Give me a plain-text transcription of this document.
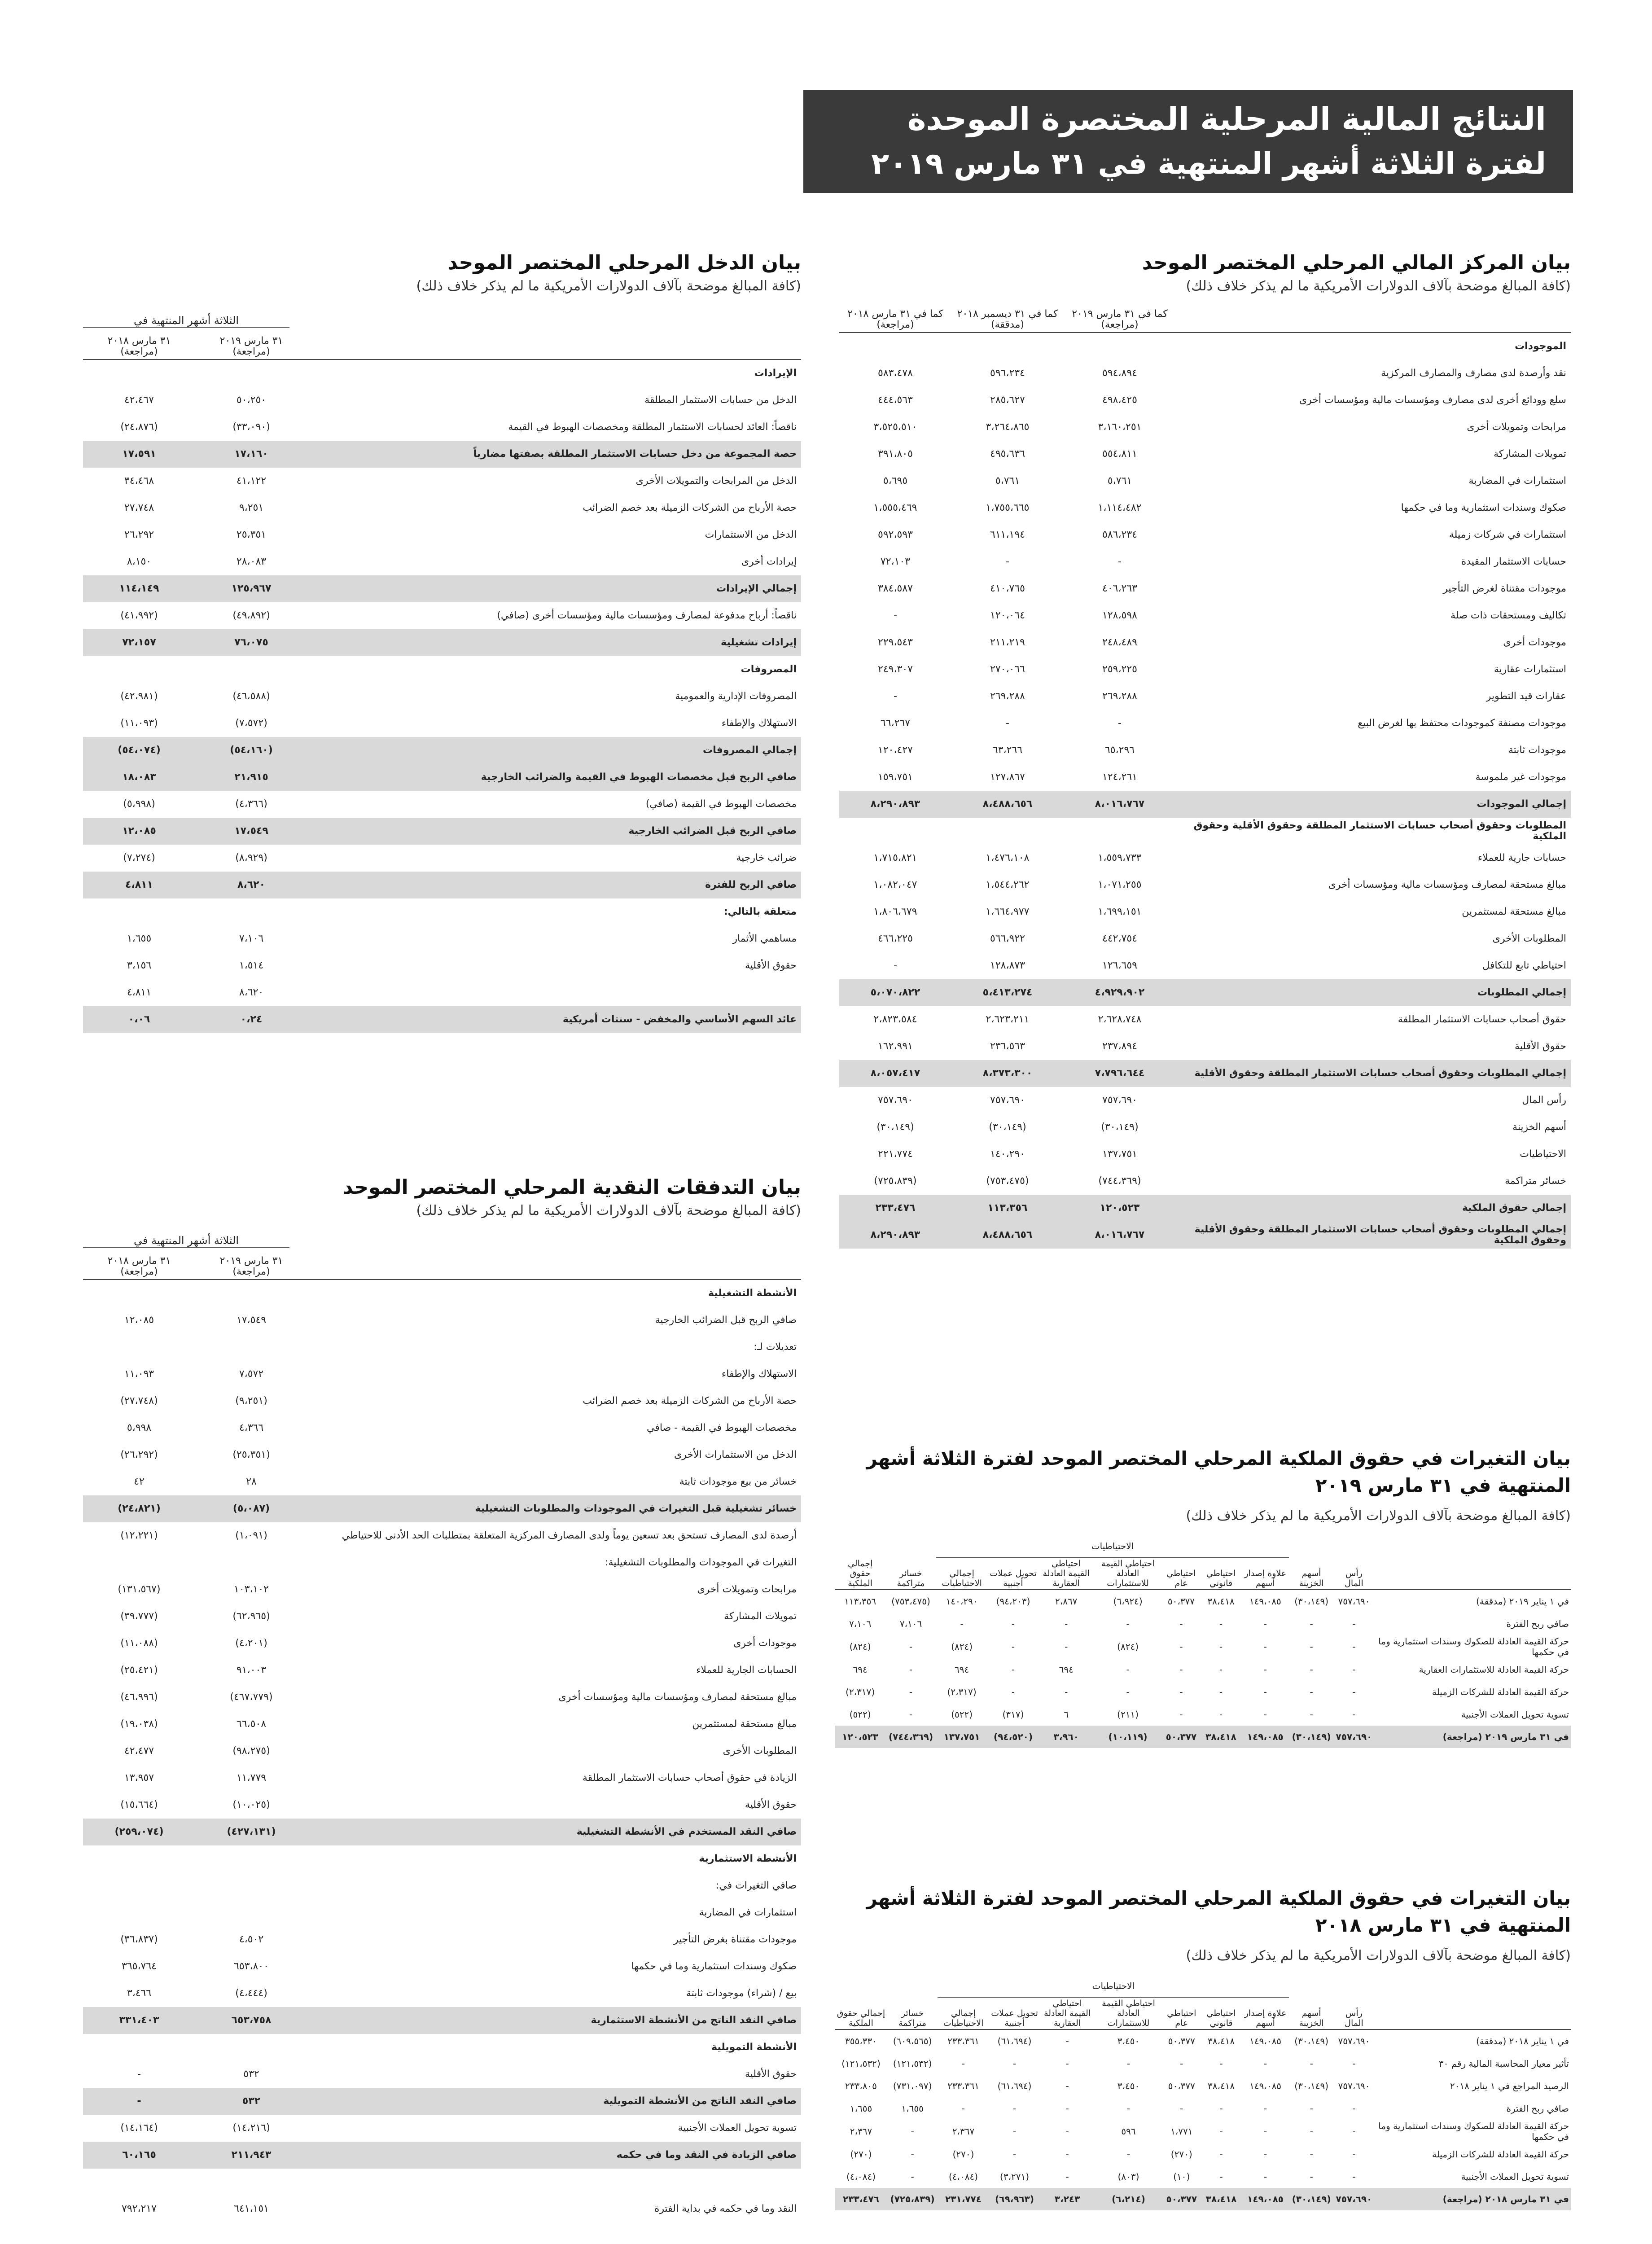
النتائج المالية المرحلية المختصرة الموحدة
لفترة الثلاثة أشهر المنتهية في ٣١ مارس ٢٠١٩
بيان المركز المالي المرحلي المختصر الموحد
(كافة المبالغ موضحة بآلاف الدولارات الأمريكية ما لم يذكر خلاف ذلك)
	كما في ٣١ مارس ٢٠١٩ (مراجعة)	كما في ٣١ ديسمبر ٢٠١٨ (مدققة)	كما في ٣١ مارس ٢٠١٨ (مراجعة)
الموجودات			
نقد وأرصدة لدى مصارف والمصارف المركزية	٥٩٤،٨٩٤	٥٩٦،٢٣٤	٥٨٣،٤٧٨
سلع وودائع أخرى لدى مصارف ومؤسسات مالية ومؤسسات أخرى	٤٩٨،٤٢٥	٢٨٥،٦٢٧	٤٤٤،٥٦٣
مرابحات وتمويلات أخرى	٣،١٦٠،٢٥١	٣،٢٦٤،٨٦٥	٣،٥٢٥،٥١٠
تمويلات المشاركة	٥٥٤،٨١١	٤٩٥،٦٣٦	٣٩١،٨٠٥
استثمارات في المضاربة	٥،٧٦١	٥،٧٦١	٥،٦٩٥
صكوك وسندات استثمارية وما في حكمها	١،١١٤،٤٨٢	١،٧٥٥،٦٦٥	١،٥٥٥،٤٦٩
استثمارات في شركات زميلة	٥٨٦،٢٣٤	٦١١،١٩٤	٥٩٢،٥٩٣
حسابات الاستثمار المقيدة	-	-	٧٢،١٠٣
موجودات مقتناة لغرض التأجير	٤٠٦،٢٦٣	٤١٠،٧٦٥	٣٨٤،٥٨٧
تكاليف ومستحقات ذات صلة	١٢٨،٥٩٨	١٢٠،٠٦٤	-
موجودات أخرى	٢٤٨،٤٨٩	٢١١،٢١٩	٢٢٩،٥٤٣
استثمارات عقارية	٢٥٩،٢٢٥	٢٧٠،٠٦٦	٢٤٩،٣٠٧
عقارات قيد التطوير	٢٦٩،٢٨٨	٢٦٩،٢٨٨	-
موجودات مصنفة كموجودات محتفظ بها لغرض البيع	-	-	٦٦،٢٦٧
موجودات ثابتة	٦٥،٢٩٦	٦٣،٢٦٦	١٢٠،٤٢٧
موجودات غير ملموسة	١٢٤،٢٦١	١٢٧،٨٦٧	١٥٩،٧٥١
إجمالي الموجودات	٨،٠١٦،٧٦٧	٨،٤٨٨،٦٥٦	٨،٢٩٠،٨٩٣
المطلوبات وحقوق أصحاب حسابات الاستثمار المطلقة وحقوق الأقلية وحقوق الملكية			
حسابات جارية للعملاء	١،٥٥٩،٧٣٣	١،٤٧٦،١٠٨	١،٧١٥،٨٢١
مبالغ مستحقة لمصارف ومؤسسات مالية ومؤسسات أخرى	١،٠٧١،٢٥٥	١،٥٤٤،٢٦٢	١،٠٨٢،٠٤٧
مبالغ مستحقة لمستثمرين	١،٦٩٩،١٥١	١،٦٦٤،٩٧٧	١،٨٠٦،٦٧٩
المطلوبات الأخرى	٤٤٢،٧٥٤	٥٦٦،٩٢٢	٤٦٦،٢٢٥
احتياطي تابع للتكافل	١٢٦،٦٥٩	١٢٨،٨٧٣	-
إجمالي المطلوبات	٤،٩٢٩،٩٠٢	٥،٤١٣،٢٧٤	٥،٠٧٠،٨٢٢
حقوق أصحاب حسابات الاستثمار المطلقة	٢،٦٢٨،٧٤٨	٢،٦٢٣،٢١١	٢،٨٢٣،٥٨٤
حقوق الأقلية	٢٣٧،٨٩٤	٢٣٦،٥٦٣	١٦٢،٩٩١
إجمالي المطلوبات وحقوق أصحاب حسابات الاستثمار المطلقة وحقوق الأقلية	٧،٧٩٦،٦٤٤	٨،٣٧٣،٣٠٠	٨،٠٥٧،٤١٧
رأس المال	٧٥٧،٦٩٠	٧٥٧،٦٩٠	٧٥٧،٦٩٠
أسهم الخزينة	(٣٠،١٤٩)	(٣٠،١٤٩)	(٣٠،١٤٩)
الاحتياطيات	١٣٧،٧٥١	١٤٠،٢٩٠	٢٢١،٧٧٤
خسائر متراكمة	(٧٤٤،٣٦٩)	(٧٥٣،٤٧٥)	(٧٢٥،٨٣٩)
إجمالي حقوق الملكية	١٢٠،٥٢٣	١١٣،٣٥٦	٢٣٣،٤٧٦
إجمالي المطلوبات وحقوق أصحاب حسابات الاستثمار المطلقة وحقوق الأقلية وحقوق الملكية	٨،٠١٦،٧٦٧	٨،٤٨٨،٦٥٦	٨،٢٩٠،٨٩٣
بيان الدخل المرحلي المختصر الموحد
(كافة المبالغ موضحة بآلاف الدولارات الأمريكية ما لم يذكر خلاف ذلك)
الثلاثة أشهر المنتهية في
	٣١ مارس ٢٠١٩ (مراجعة)	٣١ مارس ٢٠١٨ (مراجعة)
الإيرادات		
الدخل من حسابات الاستثمار المطلقة	٥٠،٢٥٠	٤٢،٤٦٧
ناقصاً: العائد لحسابات الاستثمار المطلقة ومخصصات الهبوط في القيمة	(٣٣،٠٩٠)	(٢٤،٨٧٦)
حصة المجموعة من دخل حسابات الاستثمار المطلقة بصفتها مضارباً	١٧،١٦٠	١٧،٥٩١
الدخل من المرابحات والتمويلات الأخرى	٤١،١٢٢	٣٤،٤٦٨
حصة الأرباح من الشركات الزميلة بعد خصم الضرائب	٩،٢٥١	٢٧،٧٤٨
الدخل من الاستثمارات	٢٥،٣٥١	٢٦،٢٩٢
إيرادات أخرى	٢٨،٠٨٣	٨،١٥٠
إجمالي الإيرادات	١٢٥،٩٦٧	١١٤،١٤٩
ناقصاً: أرباح مدفوعة لمصارف ومؤسسات مالية ومؤسسات أخرى (صافي)	(٤٩،٨٩٢)	(٤١،٩٩٢)
إيرادات تشغيلية	٧٦،٠٧٥	٧٢،١٥٧
المصروفات		
المصروفات الإدارية والعمومية	(٤٦،٥٨٨)	(٤٢،٩٨١)
الاستهلاك والإطفاء	(٧،٥٧٢)	(١١،٠٩٣)
إجمالي المصروفات	(٥٤،١٦٠)	(٥٤،٠٧٤)
صافي الربح قبل مخصصات الهبوط في القيمة والضرائب الخارجية	٢١،٩١٥	١٨،٠٨٣
مخصصات الهبوط في القيمة (صافي)	(٤،٣٦٦)	(٥،٩٩٨)
صافي الربح قبل الضرائب الخارجية	١٧،٥٤٩	١٢،٠٨٥
ضرائب خارجية	(٨،٩٢٩)	(٧،٢٧٤)
صافي الربح للفترة	٨،٦٢٠	٤،٨١١
متعلقة بالتالي:		
مساهمي الأثمار	٧،١٠٦	١،٦٥٥
حقوق الأقلية	١،٥١٤	٣،١٥٦
	٨،٦٢٠	٤،٨١١
عائد السهم الأساسي والمخفض - سنتات أمريكية	٠،٢٤	٠،٠٦
بيان التدفقات النقدية المرحلي المختصر الموحد
(كافة المبالغ موضحة بآلاف الدولارات الأمريكية ما لم يذكر خلاف ذلك)
الثلاثة أشهر المنتهية في
	٣١ مارس ٢٠١٩ (مراجعة)	٣١ مارس ٢٠١٨ (مراجعة)
الأنشطة التشغيلية		
صافي الربح قبل الضرائب الخارجية	١٧،٥٤٩	١٢،٠٨٥
تعديلات لـ:		
الاستهلاك والإطفاء	٧،٥٧٢	١١،٠٩٣
حصة الأرباح من الشركات الزميلة بعد خصم الضرائب	(٩،٢٥١)	(٢٧،٧٤٨)
مخصصات الهبوط في القيمة - صافي	٤،٣٦٦	٥،٩٩٨
الدخل من الاستثمارات الأخرى	(٢٥،٣٥١)	(٢٦،٢٩٢)
خسائر من بيع موجودات ثابتة	٢٨	٤٢
خسائر تشغيلية قبل التغيرات في الموجودات والمطلوبات التشغيلية	(٥،٠٨٧)	(٢٤،٨٢١)
أرصدة لدى المصارف تستحق بعد تسعين يوماً ولدى المصارف المركزية المتعلقة بمتطلبات الحد الأدنى للاحتياطي	(١،٠٩١)	(١٢،٢٢١)
التغيرات في الموجودات والمطلوبات التشغيلية:		
مرابحات وتمويلات أخرى	١٠٣،١٠٢	(١٣١،٥٦٧)
تمويلات المشاركة	(٦٢،٩٦٥)	(٣٩،٧٧٧)
موجودات أخرى	(٤،٢٠١)	(١١،٠٨٨)
الحسابات الجارية للعملاء	٩١،٠٠٣	(٢٥،٤٢١)
مبالغ مستحقة لمصارف ومؤسسات مالية ومؤسسات أخرى	(٤٦٧،٧٧٩)	(٤٦،٩٩٦)
مبالغ مستحقة لمستثمرين	٦٦،٥٠٨	(١٩،٠٣٨)
المطلوبات الأخرى	(٩٨،٢٧٥)	٤٢،٤٧٧
الزيادة في حقوق أصحاب حسابات الاستثمار المطلقة	١١،٧٧٩	١٣،٩٥٧
حقوق الأقلية	(١٠،٠٢٥)	(١٥،٦٦٤)
صافي النقد المستخدم في الأنشطة التشغيلية	(٤٢٧،١٣١)	(٢٥٩،٠٧٤)
الأنشطة الاستثمارية		
صافي التغيرات في:		
استثمارات في المضاربة		
موجودات مقتناة بغرض التأجير	٤،٥٠٢	(٣٦،٨٣٧)
صكوك وسندات استثمارية وما في حكمها	٦٥٣،٨٠٠	٣٦٥،٧٦٤
بيع / (شراء) موجودات ثابتة	(٤،٤٤٤)	٣،٤٦٦
صافي النقد الناتج من الأنشطة الاستثمارية	٦٥٣،٧٥٨	٣٣١،٤٠٣
الأنشطة التمويلية		
حقوق الأقلية	٥٣٢	-
صافي النقد الناتج من الأنشطة التمويلية	٥٣٢	-
تسوية تحويل العملات الأجنبية	(١٤،٢١٦)	(١٤،١٦٤)
صافي الزيادة في النقد وما في حكمه	٢١١،٩٤٣	٦٠،١٦٥

النقد وما في حكمه في بداية الفترة	٦٤١،١٥١	٧٩٢،٢١٧

بيان التغيرات في حقوق الملكية المرحلي المختصر الموحد لفترة الثلاثة أشهر المنتهية في ٣١ مارس ٢٠١٩
(كافة المبالغ موضحة بآلاف الدولارات الأمريكية ما لم يذكر خلاف ذلك)
			الاحتياطيات								
	رأس المال	أسهم الخزينة	علاوة إصدار أسهم	احتياطي قانوني	احتياطي عام	احتياطي القيمة العادلة للاستثمارات	احتياطي القيمة العادلة العقارية	تحويل عملات أجنبية	إجمالي الاحتياطيات	خسائر متراكمة	إجمالي حقوق الملكية
في ١ يناير ٢٠١٩ (مدققة)	٧٥٧،٦٩٠	(٣٠،١٤٩)	١٤٩،٠٨٥	٣٨،٤١٨	٥٠،٣٧٧	(٦،٩٢٤)	٢،٨٦٧	(٩٤،٢٠٣)	١٤٠،٢٩٠	(٧٥٣،٤٧٥)	١١٣،٣٥٦
صافي ربح الفترة	-	-	-	-	-	-	-	-	-	٧،١٠٦	٧،١٠٦
حركة القيمة العادلة للصكوك وسندات استثمارية وما في حكمها	-	-	-	-	-	(٨٢٤)	-	-	(٨٢٤)	-	(٨٢٤)
حركة القيمة العادلة للاستثمارات العقارية	-	-	-	-	-	-	٦٩٤	-	٦٩٤	-	٦٩٤
حركة القيمة العادلة للشركات الزميلة	-	-	-	-	-	-	-	-	(٢،٣١٧)	-	(٢،٣١٧)
تسوية تحويل العملات الأجنبية	-	-	-	-	-	(٢١١)	٦	(٣١٧)	(٥٢٢)	-	(٥٢٢)
في ٣١ مارس ٢٠١٩ (مراجعة)	٧٥٧،٦٩٠	(٣٠،١٤٩)	١٤٩،٠٨٥	٣٨،٤١٨	٥٠،٣٧٧	(١٠،١١٩)	٣،٩٦٠	(٩٤،٥٢٠)	١٣٧،٧٥١	(٧٤٤،٣٦٩)	١٢٠،٥٢٣
بيان التغيرات في حقوق الملكية المرحلي المختصر الموحد لفترة الثلاثة أشهر المنتهية في ٣١ مارس ٢٠١٨
(كافة المبالغ موضحة بآلاف الدولارات الأمريكية ما لم يذكر خلاف ذلك)
			الاحتياطيات								
	رأس المال	أسهم الخزينة	علاوة إصدار أسهم	احتياطي قانوني	احتياطي عام	احتياطي القيمة العادلة للاستثمارات	احتياطي القيمة العادلة العقارية	تحويل عملات أجنبية	إجمالي الاحتياطيات	خسائر متراكمة	إجمالي حقوق الملكية
في ١ يناير ٢٠١٨ (مدققة)	٧٥٧،٦٩٠	(٣٠،١٤٩)	١٤٩،٠٨٥	٣٨،٤١٨	٥٠،٣٧٧	٣،٤٥٠	-	(٦١،٦٩٤)	٢٣٣،٣٦١	(٦٠٩،٥٦٥)	٣٥٥،٣٣٠
تأثير معيار المحاسبة المالية رقم ٣٠	-	-	-	-	-	-	-	-	-	(١٢١،٥٣٢)	(١٢١،٥٣٢)
الرصيد المراجع في ١ يناير ٢٠١٨	٧٥٧،٦٩٠	(٣٠،١٤٩)	١٤٩،٠٨٥	٣٨،٤١٨	٥٠،٣٧٧	٣،٤٥٠	-	(٦١،٦٩٤)	٢٣٣،٣٦١	(٧٣١،٠٩٧)	٢٣٣،٨٠٥
صافي ربح الفترة	-	-	-	-	-	-	-	-	-	١،٦٥٥	١،٦٥٥
حركة القيمة العادلة للصكوك وسندات استثمارية وما في حكمها	-	-	-	-	١،٧٧١	٥٩٦	-	-	٢،٣٦٧	-	٢،٣٦٧
حركة القيمة العادلة للشركات الزميلة	-	-	-	-	(٢٧٠)	-	-	-	(٢٧٠)	-	(٢٧٠)
تسوية تحويل العملات الأجنبية	-	-	-	-	(١٠)	(٨٠٣)	-	(٣،٢٧١)	(٤،٠٨٤)	-	(٤،٠٨٤)
في ٣١ مارس ٢٠١٨ (مراجعة)	٧٥٧،٦٩٠	(٣٠،١٤٩)	١٤٩،٠٨٥	٣٨،٤١٨	٥٠،٣٧٧	(٦،٢١٤)	٣،٢٤٣	(٦٩،٩٦٣)	٢٣١،٧٧٤	(٧٢٥،٨٣٩)	٢٣٣،٤٧٦
